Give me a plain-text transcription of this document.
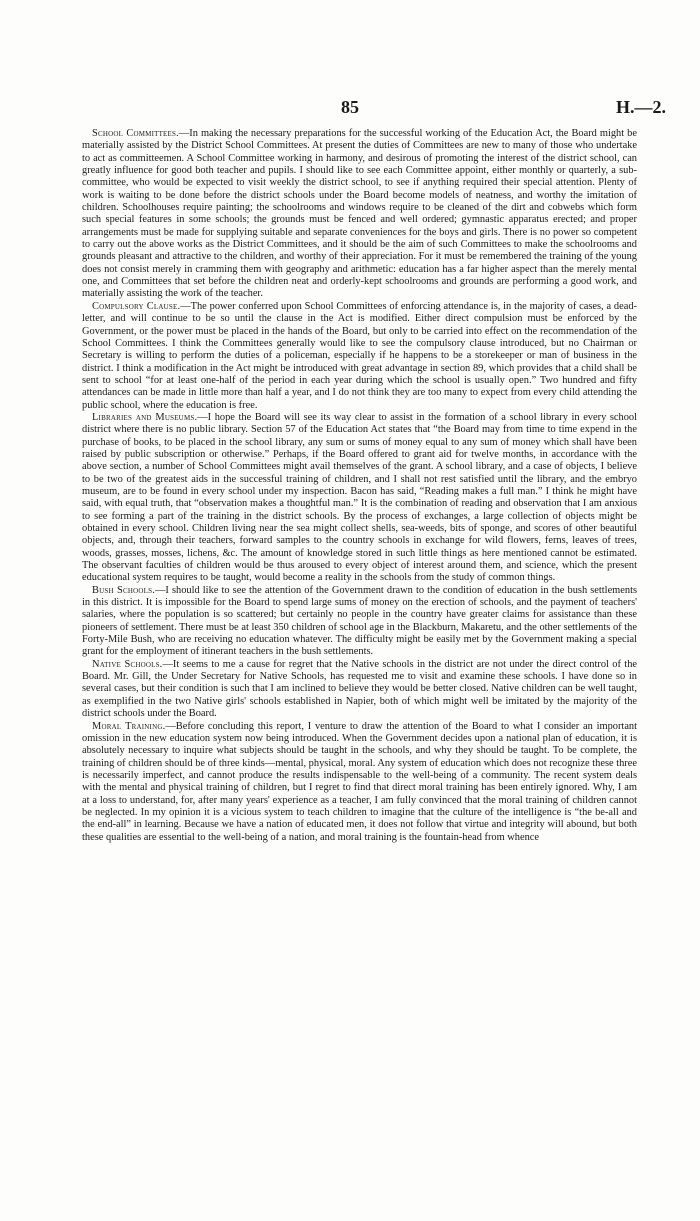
85	H.—2.

School Committees.—In making the necessary preparations for the successful working of the Education Act, the Board might be materially assisted by the District School Committees. At present the duties of Committees are new to many of those who undertake to act as committeemen. A School Committee working in harmony, and desirous of promoting the interest of the district school, can greatly influence for good both teacher and pupils. I should like to see each Committee appoint, either monthly or quarterly, a sub-committee, who would be expected to visit weekly the district school, to see if anything required their special attention. Plenty of work is waiting to be done before the district schools under the Board become models of neatness, and worthy the imitation of children. Schoolhouses require painting; the schoolrooms and windows require to be cleaned of the dirt and cobwebs which form such special features in some schools; the grounds must be fenced and well ordered; gymnastic apparatus erected; and proper arrangements must be made for supplying suitable and separate conveniences for the boys and girls. There is no power so competent to carry out the above works as the District Committees, and it should be the aim of such Committees to make the schoolrooms and grounds pleasant and attractive to the children, and worthy of their appreciation. For it must be remembered the training of the young does not consist merely in cramming them with geography and arithmetic: education has a far higher aspect than the merely mental one, and Committees that set before the children neat and orderly-kept schoolrooms and grounds are performing a good work, and materially assisting the work of the teacher.

Compulsory Clause.—The power conferred upon School Committees of enforcing attendance is, in the majority of cases, a dead-letter, and will continue to be so until the clause in the Act is modified. Either direct compulsion must be enforced by the Government, or the power must be placed in the hands of the Board, but only to be carried into effect on the recommendation of the School Committees. I think the Committees generally would like to see the compulsory clause introduced, but no Chairman or Secretary is willing to perform the duties of a policeman, especially if he happens to be a storekeeper or man of business in the district. I think a modification in the Act might be introduced with great advantage in section 89, which provides that a child shall be sent to school “for at least one-half of the period in each year during which the school is usually open.” Two hundred and fifty attendances can be made in little more than half a year, and I do not think they are too many to expect from every child attending the public school, where the education is free.

Libraries and Museums.—I hope the Board will see its way clear to assist in the formation of a school library in every school district where there is no public library. Section 57 of the Education Act states that “the Board may from time to time expend in the purchase of books, to be placed in the school library, any sum or sums of money equal to any sum of money which shall have been raised by public subscription or otherwise.” Perhaps, if the Board offered to grant aid for twelve months, in accordance with the above section, a number of School Committees might avail themselves of the grant. A school library, and a case of objects, I believe to be two of the greatest aids in the successful training of children, and I shall not rest satisfied until the library, and the embryo museum, are to be found in every school under my inspection. Bacon has said, “Reading makes a full man.” I think he might have said, with equal truth, that “observation makes a thoughtful man.” It is the combination of reading and observation that I am anxious to see forming a part of the training in the district schools. By the process of exchanges, a large collection of objects might be obtained in every school. Children living near the sea might collect shells, sea-weeds, bits of sponge, and scores of other beautiful objects, and, through their teachers, forward samples to the country schools in exchange for wild flowers, ferns, leaves of trees, woods, grasses, mosses, lichens, &c. The amount of knowledge stored in such little things as here mentioned cannot be estimated. The observant faculties of children would be thus aroused to every object of interest around them, and science, which the present educational system requires to be taught, would become a reality in the schools from the study of common things.

Bush Schools.—I should like to see the attention of the Government drawn to the condition of education in the bush settlements in this district. It is impossible for the Board to spend large sums of money on the erection of schools, and the payment of teachers' salaries, where the population is so scattered; but certainly no people in the country have greater claims for assistance than these pioneers of settlement. There must be at least 350 children of school age in the Blackburn, Makaretu, and the other settlements of the Forty-Mile Bush, who are receiving no education whatever. The difficulty might be easily met by the Government making a special grant for the employment of itinerant teachers in the bush settlements.

Native Schools.—It seems to me a cause for regret that the Native schools in the district are not under the direct control of the Board. Mr. Gill, the Under Secretary for Native Schools, has requested me to visit and examine these schools. I have done so in several cases, but their condition is such that I am inclined to believe they would be better closed. Native children can be well taught, as exemplified in the two Native girls' schools established in Napier, both of which might well be imitated by the majority of the district schools under the Board.

Moral Training.—Before concluding this report, I venture to draw the attention of the Board to what I consider an important omission in the new education system now being introduced. When the Government decides upon a national plan of education, it is absolutely necessary to inquire what subjects should be taught in the schools, and why they should be taught. To be complete, the training of children should be of three kinds—mental, physical, moral. Any system of education which does not recognize these three is necessarily imperfect, and cannot produce the results indispensable to the well-being of a community. The recent system deals with the mental and physical training of children, but I regret to find that direct moral training has been entirely ignored. Why, I am at a loss to understand, for, after many years' experience as a teacher, I am fully convinced that the moral training of children cannot be neglected. In my opinion it is a vicious system to teach children to imagine that the culture of the intelligence is “the be-all and the end-all” in learning. Because we have a nation of educated men, it does not follow that virtue and integrity will abound, but both these qualities are essential to the well-being of a nation, and moral training is the fountain-head from whence
